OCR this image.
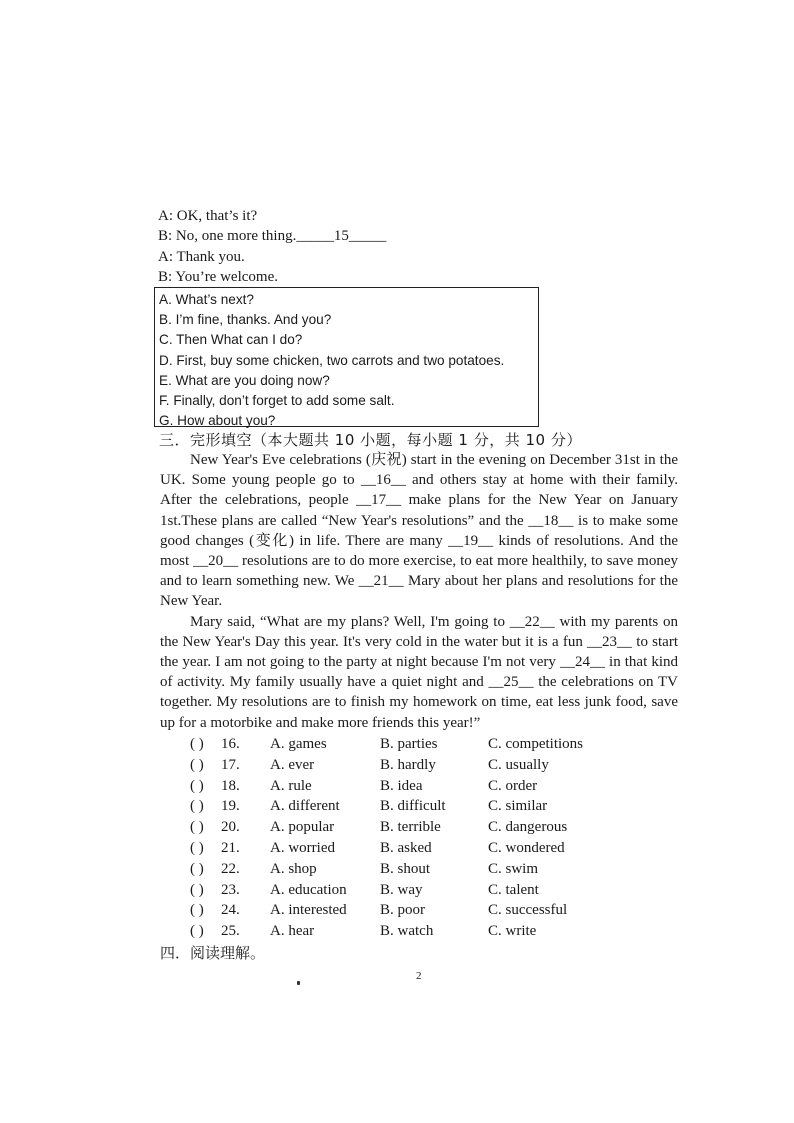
A: OK, that’s it?
B: No, one more thing._____15_____
A: Thank you.
B: You’re welcome.
A. What’s next?
B. I’m fine, thanks. And you?
C. Then What can I do?
D. First, buy some chicken, two carrots and two potatoes.
E. What are you doing now?
F. Finally, don’t forget to add some salt.
G. How about you?
三．完形填空（本大题共 10 小题，每小题 1 分，共 10 分）

New Year's Eve celebrations (庆祝) start in the evening on December 31st in the UK. Some young people go to __16__ and others stay at home with their family. After the celebrations, people __17__ make plans for the New Year on January 1st.These plans are called “New Year's resolutions” and the __18__ is to make some good changes (变化) in life. There are many __19__ kinds of resolutions. And the most __20__ resolutions are to do more exercise, to eat more healthily, to save money and to learn something new. We __21__ Mary about her plans and resolutions for the New Year.

Mary said, “What are my plans? Well, I'm going to __22__ with my parents on the New Year's Day this year. It's very cold in the water but it is a fun __23__ to start the year. I am not going to the party at night because I'm not very __24__ in that kind of activity. My family usually have a quiet night and __25__ the celebrations on TV together. My resolutions are to finish my homework on time, eat less junk food, save up for a motorbike and make more friends this year!”

( ) 16. A. games	B. parties	C. competitions
( ) 17. A. ever	B. hardly	C. usually
( ) 18. A. rule	B. idea	C. order
( ) 19. A. different	B. difficult	C. similar
( ) 20. A. popular	B. terrible	C. dangerous
( ) 21. A. worried	B. asked	C. wondered
( ) 22. A. shop	B. shout	C. swim
( ) 23. A. education B. way	C. talent
( ) 24. A. interested B. poor	C. successful
( ) 25. A. hear	B. watch	C. write
四．阅读理解。
2
